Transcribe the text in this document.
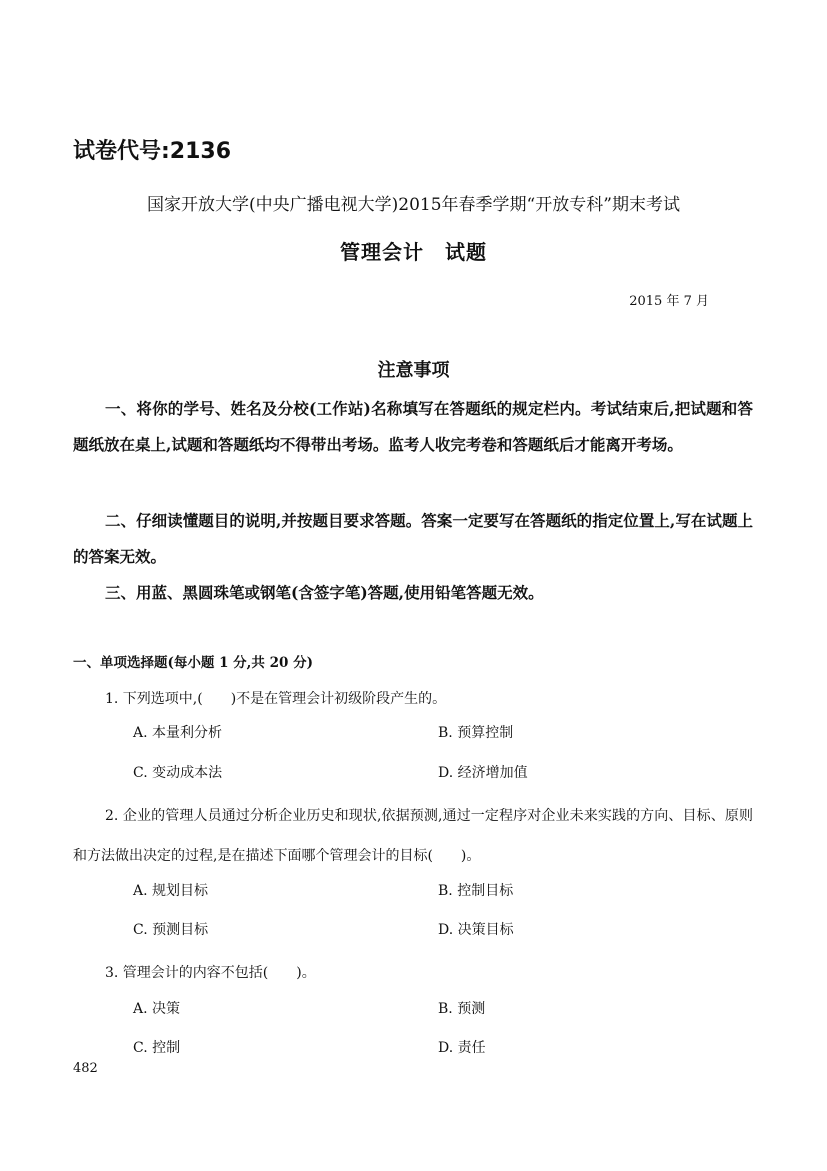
试卷代号:2136
国家开放大学(中央广播电视大学)2015年春季学期“开放专科”期末考试
管理会计　试题
2015 年 7 月
注意事项
一、将你的学号、姓名及分校(工作站)名称填写在答题纸的规定栏内。考试结束后,把试题和答题纸放在桌上,试题和答题纸均不得带出考场。监考人收完考卷和答题纸后才能离开考场。
二、仔细读懂题目的说明,并按题目要求答题。答案一定要写在答题纸的指定位置上,写在试题上的答案无效。
三、用蓝、黑圆珠笔或钢笔(含签字笔)答题,使用铅笔答题无效。
一、单项选择题(每小题 1 分,共 20 分)
1. 下列选项中,(　　)不是在管理会计初级阶段产生的。
A. 本量利分析	B. 预算控制
C. 变动成本法	D. 经济增加值
2. 企业的管理人员通过分析企业历史和现状,依据预测,通过一定程序对企业未来实践的方向、目标、原则和方法做出决定的过程,是在描述下面哪个管理会计的目标(　　)。
A. 规划目标	B. 控制目标
C. 预测目标	D. 决策目标
3. 管理会计的内容不包括(　　)。
A. 决策	B. 预测
C. 控制	D. 责任
482
